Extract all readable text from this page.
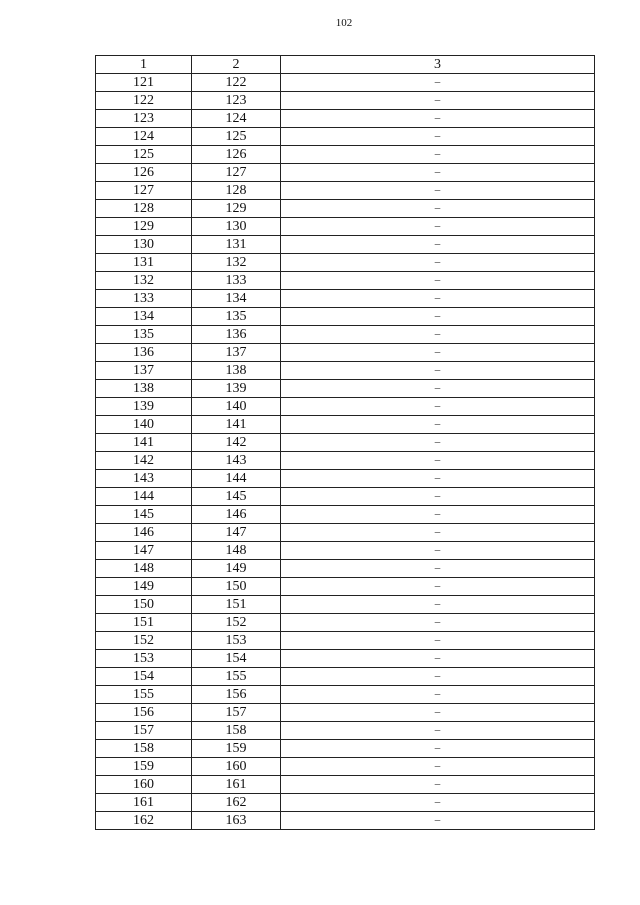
102
1	2	3
121	122	–
122	123	–
123	124	–
124	125	–
125	126	–
126	127	–
127	128	–
128	129	–
129	130	–
130	131	–
131	132	–
132	133	–
133	134	–
134	135	–
135	136	–
136	137	–
137	138	–
138	139	–
139	140	–
140	141	–
141	142	–
142	143	–
143	144	–
144	145	–
145	146	–
146	147	–
147	148	–
148	149	–
149	150	–
150	151	–
151	152	–
152	153	–
153	154	–
154	155	–
155	156	–
156	157	–
157	158	–
158	159	–
159	160	–
160	161	–
161	162	–
162	163	–
